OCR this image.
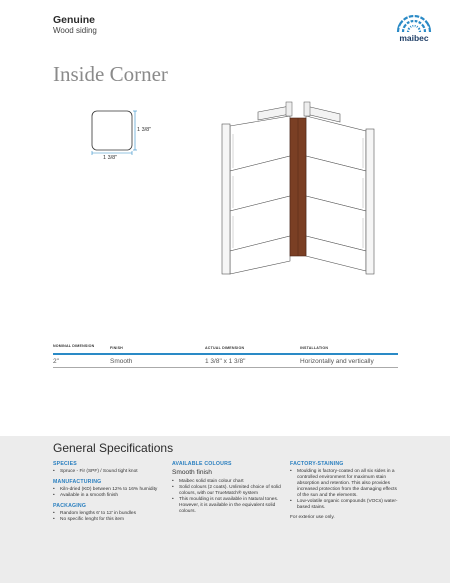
Genuine
Wood siding
maibec
Inside Corner
1 3/8"
1 3/8"
NOMINAL DIMENSION	FINISH	ACTUAL DIMENSION	INSTALLATION
2"	Smooth	1 3/8" x 1 3/8"	Horizontally and vertically
General Specifications
SPECIES
• Spruce - Fir (SPF) / Sound tight knot
MANUFACTURING
• Kiln-dried (KD) between 12% to 16% humidity
• Available in a smooth finish
PACKAGING
• Random lengths 6' to 12' in bundles
• No specific lenght for this item
AVAILABLE COLOURS
Smooth finish
• Maibec solid stain colour chart
• Solid colours (2 coats). Unlimited choice of solid colours, with our TrueMatch® system
• This moulding is not available in Natural tones. However, it is available in the equivalent solid colours.
FACTORY-STAINING
• Moulding is factory-coated on all six sides in a controlled environment for maximum stain absorption and retention. This also provides increased protection from the damaging effects of the sun and the elements.
• Low-volatile organic compounds (VOCs) water-based stains.
For exterior use only.
